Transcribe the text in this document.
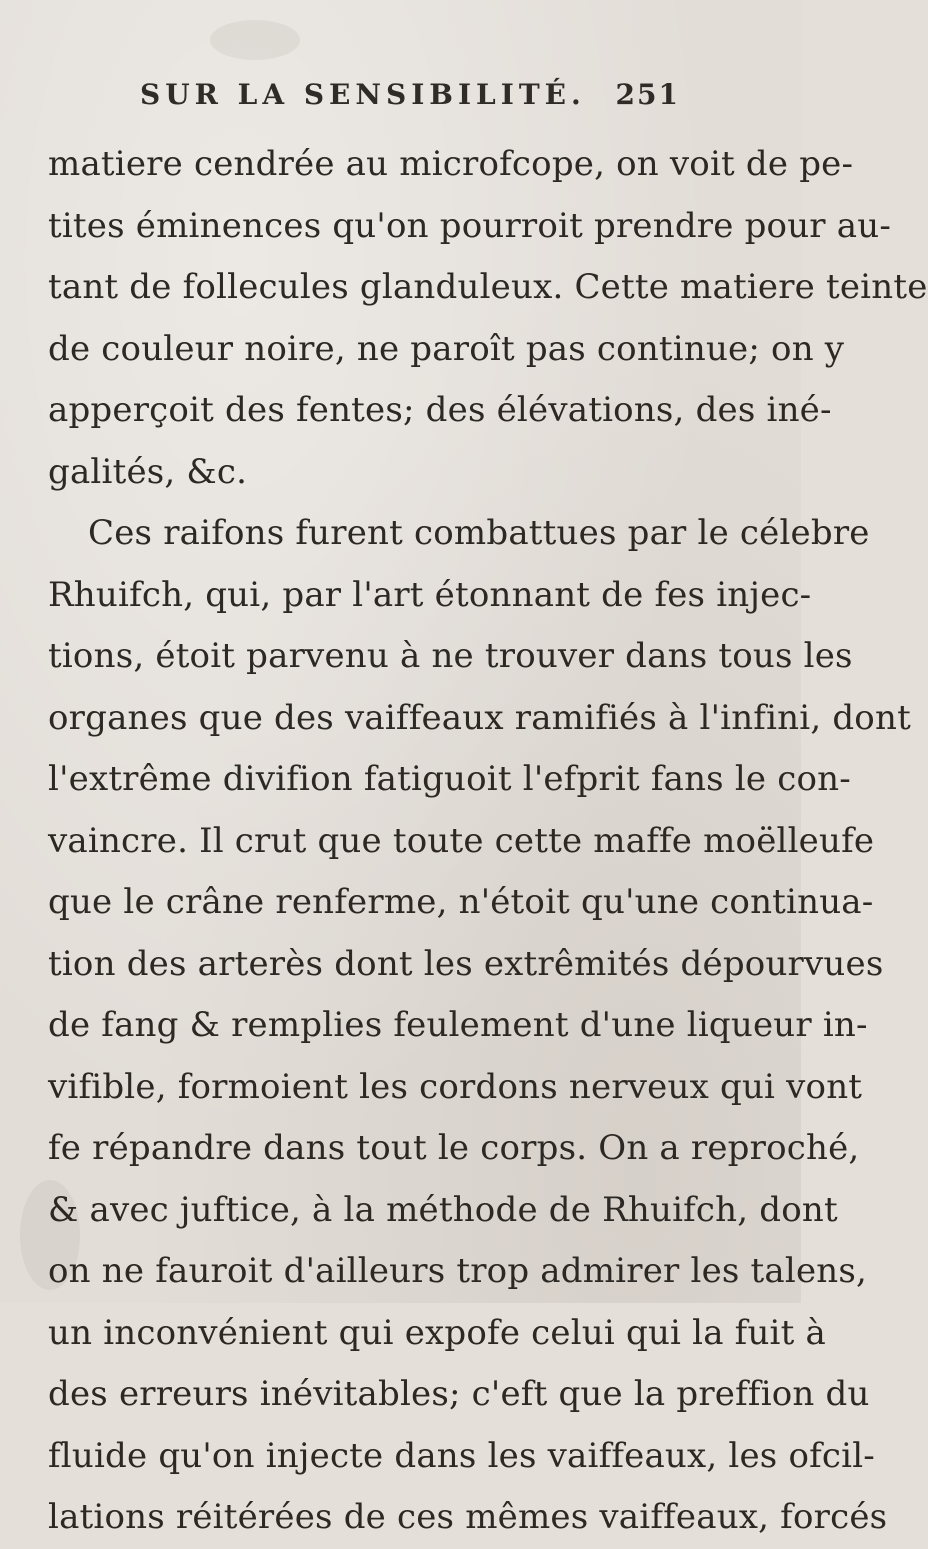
SUR LA SENSIBILITÉ. 251
matiere cendrée au microfcope, on voit de pe-
tites éminences qu'on pourroit prendre pour au-
tant de follecules glanduleux. Cette matiere teinte
de couleur noire, ne paroît pas continue; on y
apperçoit des fentes; des élévations, des iné-
galités, &c.
Ces raifons furent combattues par le célebre
Rhuifch, qui, par l'art étonnant de fes injec-
tions, étoit parvenu à ne trouver dans tous les
organes que des vaiffeaux ramifiés à l'infini, dont
l'extrême divifion fatiguoit l'efprit fans le con-
vaincre. Il crut que toute cette maffe moëlleufe
que le crâne renferme, n'étoit qu'une continua-
tion des arterès dont les extrêmités dépourvues
de fang & remplies feulement d'une liqueur in-
vifible, formoient les cordons nerveux qui vont
fe répandre dans tout le corps. On a reproché,
& avec juftice, à la méthode de Rhuifch, dont
on ne fauroit d'ailleurs trop admirer les talens,
un inconvénient qui expofe celui qui la fuit à
des erreurs inévitables; c'eft que la preffion du
fluide qu'on injecte dans les vaiffeaux, les ofcil-
lations réitérées de ces mêmes vaiffeaux, forcés
